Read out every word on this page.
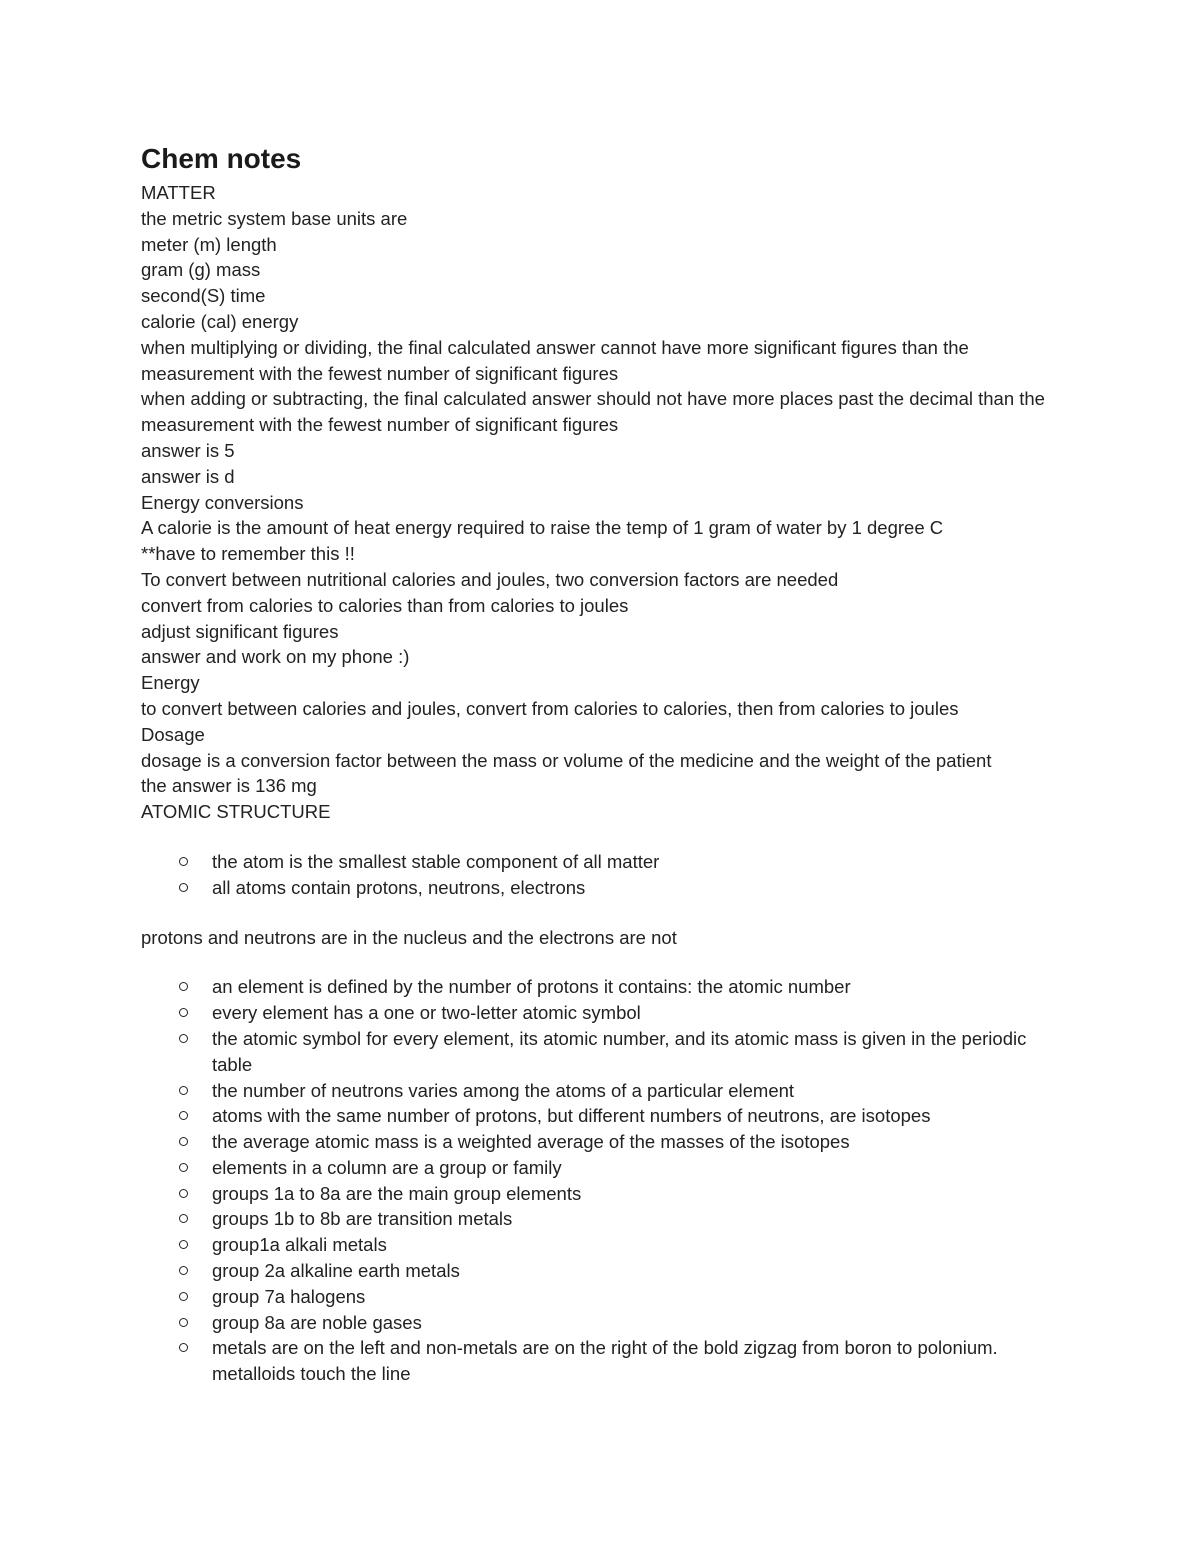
Chem notes

MATTER

the metric system base units are

meter (m) length

gram (g) mass

second(S) time

calorie (cal) energy

when multiplying or dividing, the final calculated answer cannot have more significant figures than the measurement with the fewest number of significant figures

when adding or subtracting, the final calculated answer should not have more places past the decimal than the measurement with the fewest number of significant figures

answer is 5

answer is d

Energy conversions

A calorie is the amount of heat energy required to raise the temp of 1 gram of water by 1 degree C

**have to remember this !!

To convert between nutritional calories and joules, two conversion factors are needed

convert from calories to calories than from calories to joules

adjust significant figures

answer and work on my phone :)

Energy

to convert between calories and joules, convert from calories to calories, then from calories to joules

Dosage

dosage is a conversion factor between the mass or volume of the medicine and the weight of the patient

the answer is 136 mg

ATOMIC STRUCTURE

the atom is the smallest stable component of all matter
all atoms contain protons, neutrons, electrons

protons and neutrons are in the nucleus and the electrons are not

an element is defined by the number of protons it contains: the atomic number
every element has a one or two-letter atomic symbol
the atomic symbol for every element, its atomic number, and its atomic mass is given in the periodic table
the number of neutrons varies among the atoms of a particular element
atoms with the same number of protons, but different numbers of neutrons, are isotopes
the average atomic mass is a weighted average of the masses of the isotopes
elements in a column are a group or family
groups 1a to 8a are the main group elements
groups 1b to 8b are transition metals
group1a alkali metals
group 2a alkaline earth metals
group 7a halogens
group 8a are noble gases
metals are on the left and non-metals are on the right of the bold zigzag from boron to polonium. metalloids touch the line
